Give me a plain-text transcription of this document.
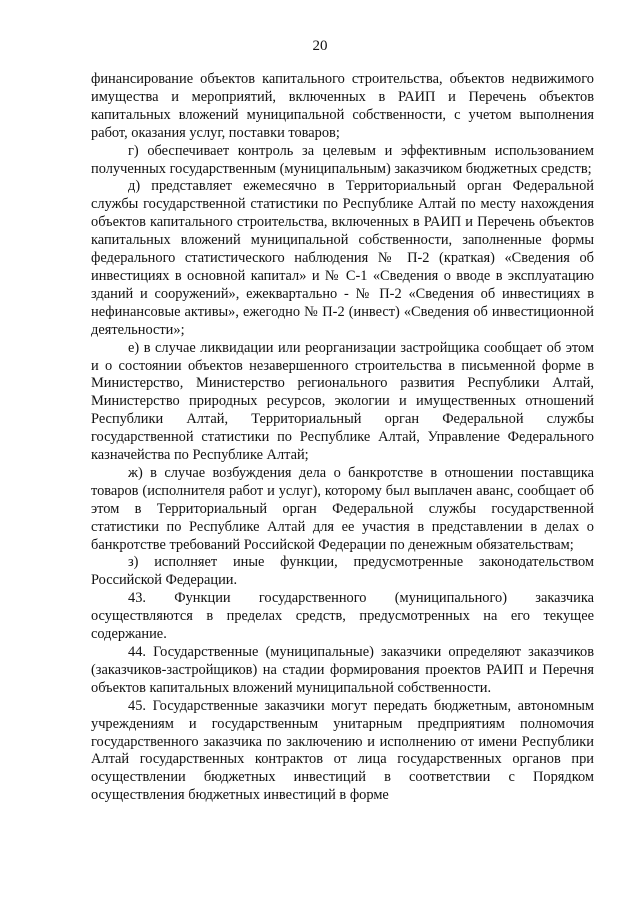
20

финансирование объектов капитального строительства, объектов недвижимого имущества и мероприятий, включенных в РАИП и Перечень объектов капитальных вложений муниципальной собственности, с учетом выполнения работ, оказания услуг, поставки товаров;

г) обеспечивает контроль за целевым и эффективным использованием полученных государственным (муниципальным) заказчиком бюджетных средств;

д) представляет ежемесячно в Территориальный орган Федеральной службы государственной статистики по Республике Алтай по месту нахождения объектов капитального строительства, включенных в РАИП и Перечень объектов капитальных вложений муниципальной собственности, заполненные формы федерального статистического наблюдения № П-2 (краткая) «Сведения об инвестициях в основной капитал» и № С-1 «Сведения о вводе в эксплуатацию зданий и сооружений», ежеквартально - № П-2 «Сведения об инвестициях в нефинансовые активы», ежегодно № П-2 (инвест) «Сведения об инвестиционной деятельности»;

е) в случае ликвидации или реорганизации застройщика сообщает об этом и о состоянии объектов незавершенного строительства в письменной форме в Министерство, Министерство регионального развития Республики Алтай, Министерство природных ресурсов, экологии и имущественных отношений Республики Алтай, Территориальный орган Федеральной службы государственной статистики по Республике Алтай, Управление Федерального казначейства по Республике Алтай;

ж) в случае возбуждения дела о банкротстве в отношении поставщика товаров (исполнителя работ и услуг), которому был выплачен аванс, сообщает об этом в Территориальный орган Федеральной службы государственной статистики по Республике Алтай для ее участия в представлении в делах о банкротстве требований Российской Федерации по денежным обязательствам;

з) исполняет иные функции, предусмотренные законодательством Российской Федерации.

43. Функции государственного (муниципального) заказчика осуществляются в пределах средств, предусмотренных на его текущее содержание.

44. Государственные (муниципальные) заказчики определяют заказчиков (заказчиков-застройщиков) на стадии формирования проектов РАИП и Перечня объектов капитальных вложений муниципальной собственности.

45. Государственные заказчики могут передать бюджетным, автономным учреждениям и государственным унитарным предприятиям полномочия государственного заказчика по заключению и исполнению от имени Республики Алтай государственных контрактов от лица государственных органов при осуществлении бюджетных инвестиций в соответствии с Порядком осуществления бюджетных инвестиций в форме
